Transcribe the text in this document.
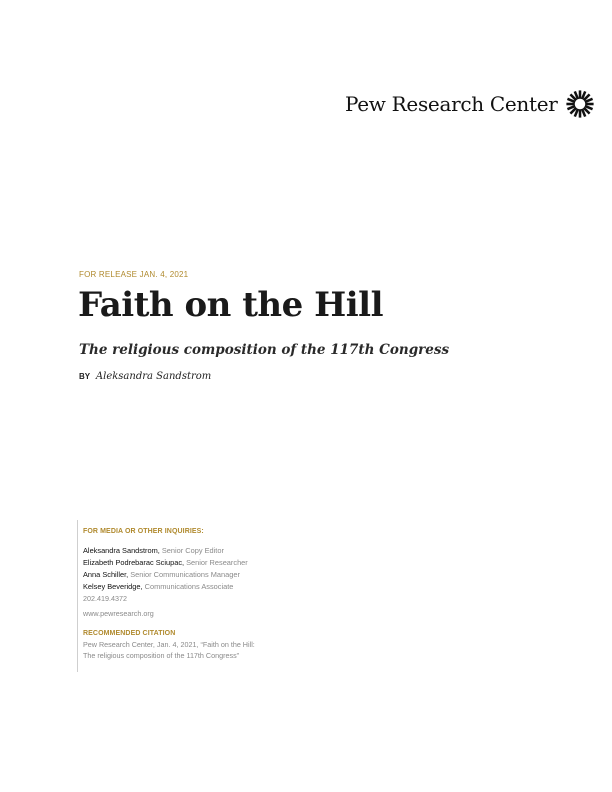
Pew Research Center
FOR RELEASE JAN. 4, 2021
Faith on the Hill
The religious composition of the 117th Congress
BY Aleksandra Sandstrom
FOR MEDIA OR OTHER INQUIRIES:
Aleksandra Sandstrom, Senior Copy Editor
Elizabeth Podrebarac Sciupac, Senior Researcher
Anna Schiller, Senior Communications Manager
Kelsey Beveridge, Communications Associate
202.419.4372
www.pewresearch.org
RECOMMENDED CITATION
Pew Research Center, Jan. 4, 2021, “Faith on the Hill:
The religious composition of the 117th Congress”
